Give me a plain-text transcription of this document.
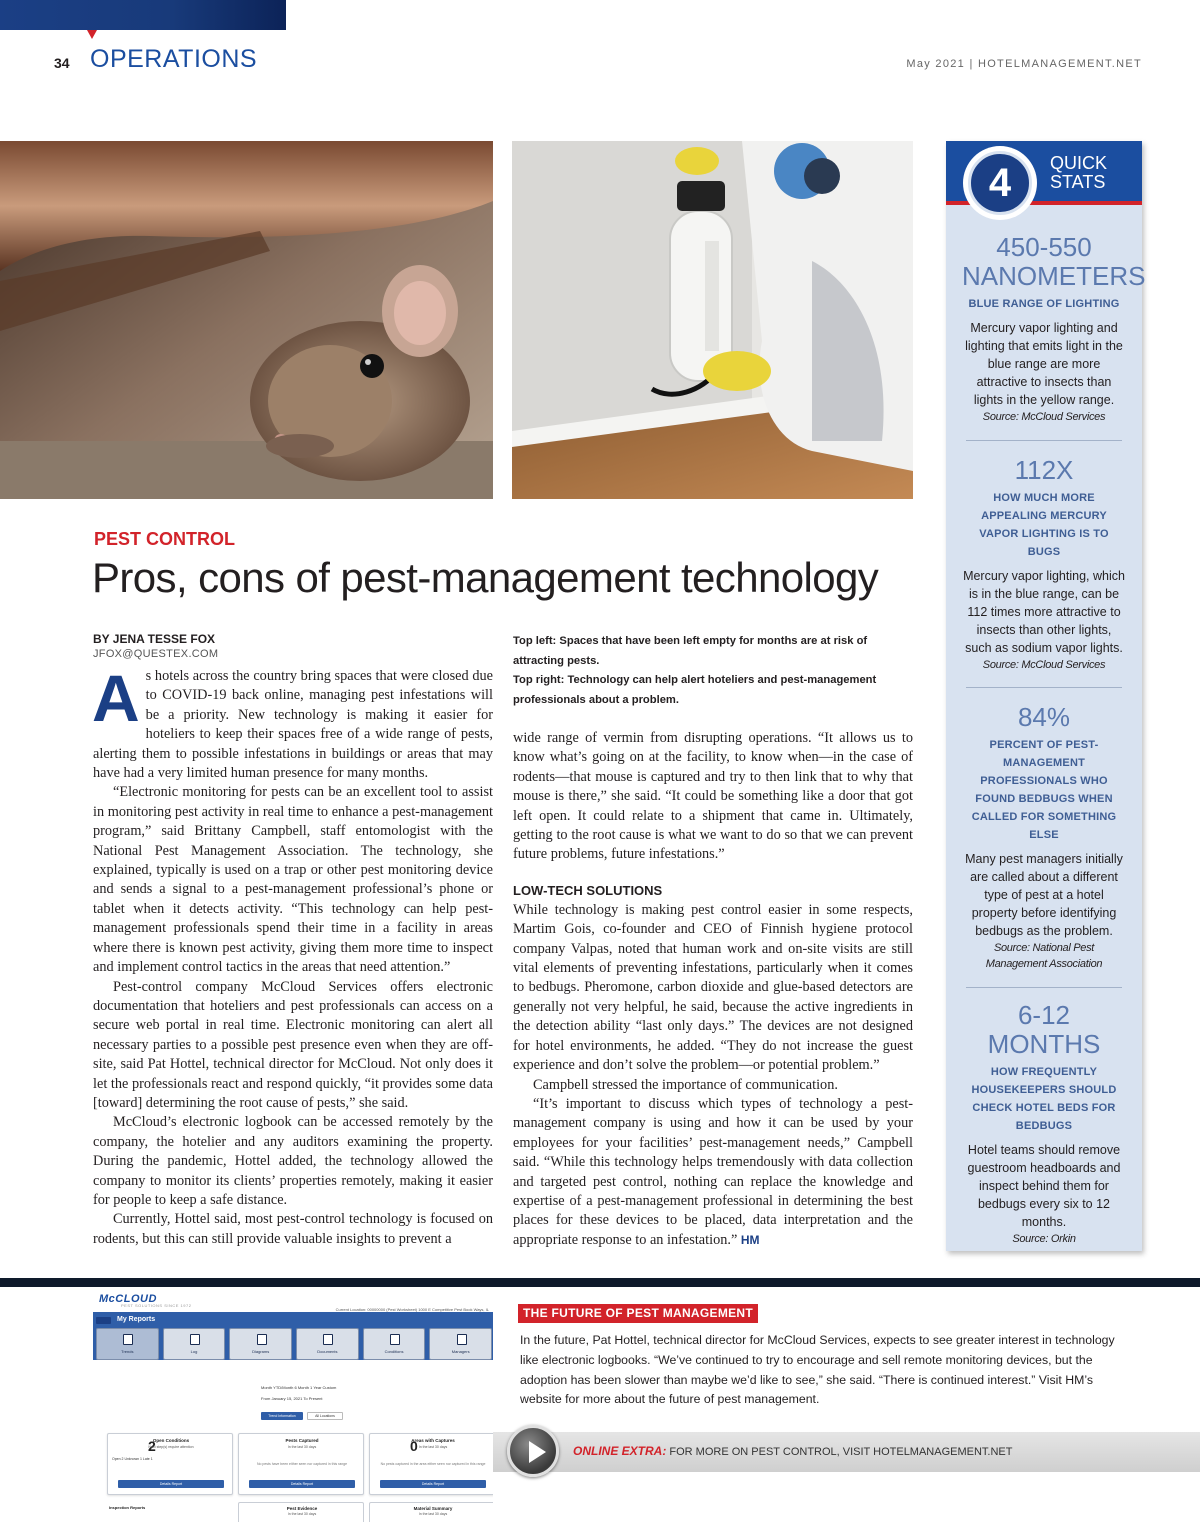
34 OPERATIONS	May 2021 | HOTELMANAGEMENT.NET
PEST CONTROL
Pros, cons of pest-management technology
BY JENA TESSE FOX
JFOX@QUESTEX.COM
Top left: Spaces that have been left empty for months are at risk of attracting pests.
Top right: Technology can help alert hoteliers and pest-management professionals about a problem.

As hotels across the country bring spaces that were closed due to COVID-19 back online, managing pest infestations will be a priority. New technology is making it easier for hoteliers to keep their spaces free of a wide range of pests, alerting them to possible infestations in buildings or areas that may have had a very limited human presence for many months.

“Electronic monitoring for pests can be an excellent tool to assist in monitoring pest activity in real time to enhance a pest-management program,” said Brittany Campbell, staff entomologist with the National Pest Management Association. The technology, she explained, typically is used on a trap or other pest monitoring device and sends a signal to a pest-management professional’s phone or tablet when it detects activity. “This technology can help pest-management professionals spend their time in a facility in areas where there is known pest activity, giving them more time to inspect and implement control tactics in the areas that need attention.”

Pest-control company McCloud Services offers electronic documentation that hoteliers and pest professionals can access on a secure web portal in real time. Electronic monitoring can alert all necessary parties to a possible pest presence even when they are off-site, said Pat Hottel, technical director for McCloud. Not only does it let the professionals react and respond quickly, “it provides some data [toward] determining the root cause of pests,” she said.

McCloud’s electronic logbook can be accessed remotely by the company, the hotelier and any auditors examining the property. During the pandemic, Hottel added, the technology allowed the company to monitor its clients’ properties remotely, making it easier for people to keep a safe distance.

Currently, Hottel said, most pest-control technology is focused on rodents, but this can still provide valuable insights to prevent a

wide range of vermin from disrupting operations. “It allows us to know what’s going on at the facility, to know when—in the case of rodents—that mouse is captured and try to then link that to why that mouse is there,” she said. “It could be something like a door that got left open. It could relate to a shipment that came in. Ultimately, getting to the root cause is what we want to do so that we can prevent future problems, future infestations.”

LOW-TECH SOLUTIONS

While technology is making pest control easier in some respects, Martim Gois, co-founder and CEO of Finnish hygiene protocol company Valpas, noted that human work and on-site visits are still vital elements of preventing infestations, particularly when it comes to bedbugs. Pheromone, carbon dioxide and glue-based detectors are generally not very helpful, he said, because the active ingredients in the detection ability “last only days.” The devices are not designed for hotel environments, he added. “They do not increase the guest experience and don’t solve the problem—or potential problem.”

Campbell stressed the importance of communication.

“It’s important to discuss which types of technology a pest-management company is using and how it can be used by your employees for your facilities’ pest-management needs,” Campbell said. “While this technology helps tremendously with data collection and targeted pest control, nothing can replace the knowledge and expertise of a pest-management professional in determining the best places for these devices to be placed, data interpretation and the appropriate response to an infestation.” HM

4	QUICK STATS
450-550 NANOMETERS
BLUE RANGE OF LIGHTING
Mercury vapor lighting and lighting that emits light in the blue range are more attractive to insects than lights in the yellow range.
Source: McCloud Services
112X
HOW MUCH MORE APPEALING MERCURY VAPOR LIGHTING IS TO BUGS
Mercury vapor lighting, which is in the blue range, can be 112 times more attractive to insects than other lights, such as sodium vapor lights.
Source: McCloud Services
84%
PERCENT OF PEST-MANAGEMENT PROFESSIONALS WHO FOUND BEDBUGS WHEN CALLED FOR SOMETHING ELSE
Many pest managers initially are called about a different type of pest at a hotel property before identifying bedbugs as the problem.
Source: National Pest Management Association
6-12 MONTHS
HOW FREQUENTLY HOUSEKEEPERS SHOULD CHECK HOTEL BEDS FOR BEDBUGS
Hotel teams should remove guestroom headboards and inspect behind them for bedbugs every six to 12 months.
Source: Orkin
McCLOUD
PEST SOLUTIONS SINCE 1972
Current Location: 00000000 (Pest Worksheet) 1000 E Competitive Pest Book Ways, IL
My Reports
Trends	Log	Diagrams	Documents	Conditions	Managers
Month YTD/Month 6 Month 1 Year Custom
From January 15, 2021 To Present
Trend Information	All Locations
2
Open Conditions
Next step(s) require attention
Open 2 Unknown 1 Late 1
Details Report
Pests Captured
In the last 30 days
No pests have been either seen nor captured in this range
Details Report
0
Areas with Captures
In the last 30 days
No pests captured in the area either seen nor captured in this range
Details Report
Pest Evidence
In the last 30 days
Material Summary
In the last 30 days
Inspection Reports
THE FUTURE OF PEST MANAGEMENT
In the future, Pat Hottel, technical director for McCloud Services, expects to see greater interest in technology like electronic logbooks. “We’ve continued to try to encourage and sell remote monitoring devices, but the adoption has been slower than maybe we’d like to see,” she said. “There is continued interest.” Visit HM’s website for more about the future of pest management.
ONLINE EXTRA: FOR MORE ON PEST CONTROL, VISIT HOTELMANAGEMENT.NET
